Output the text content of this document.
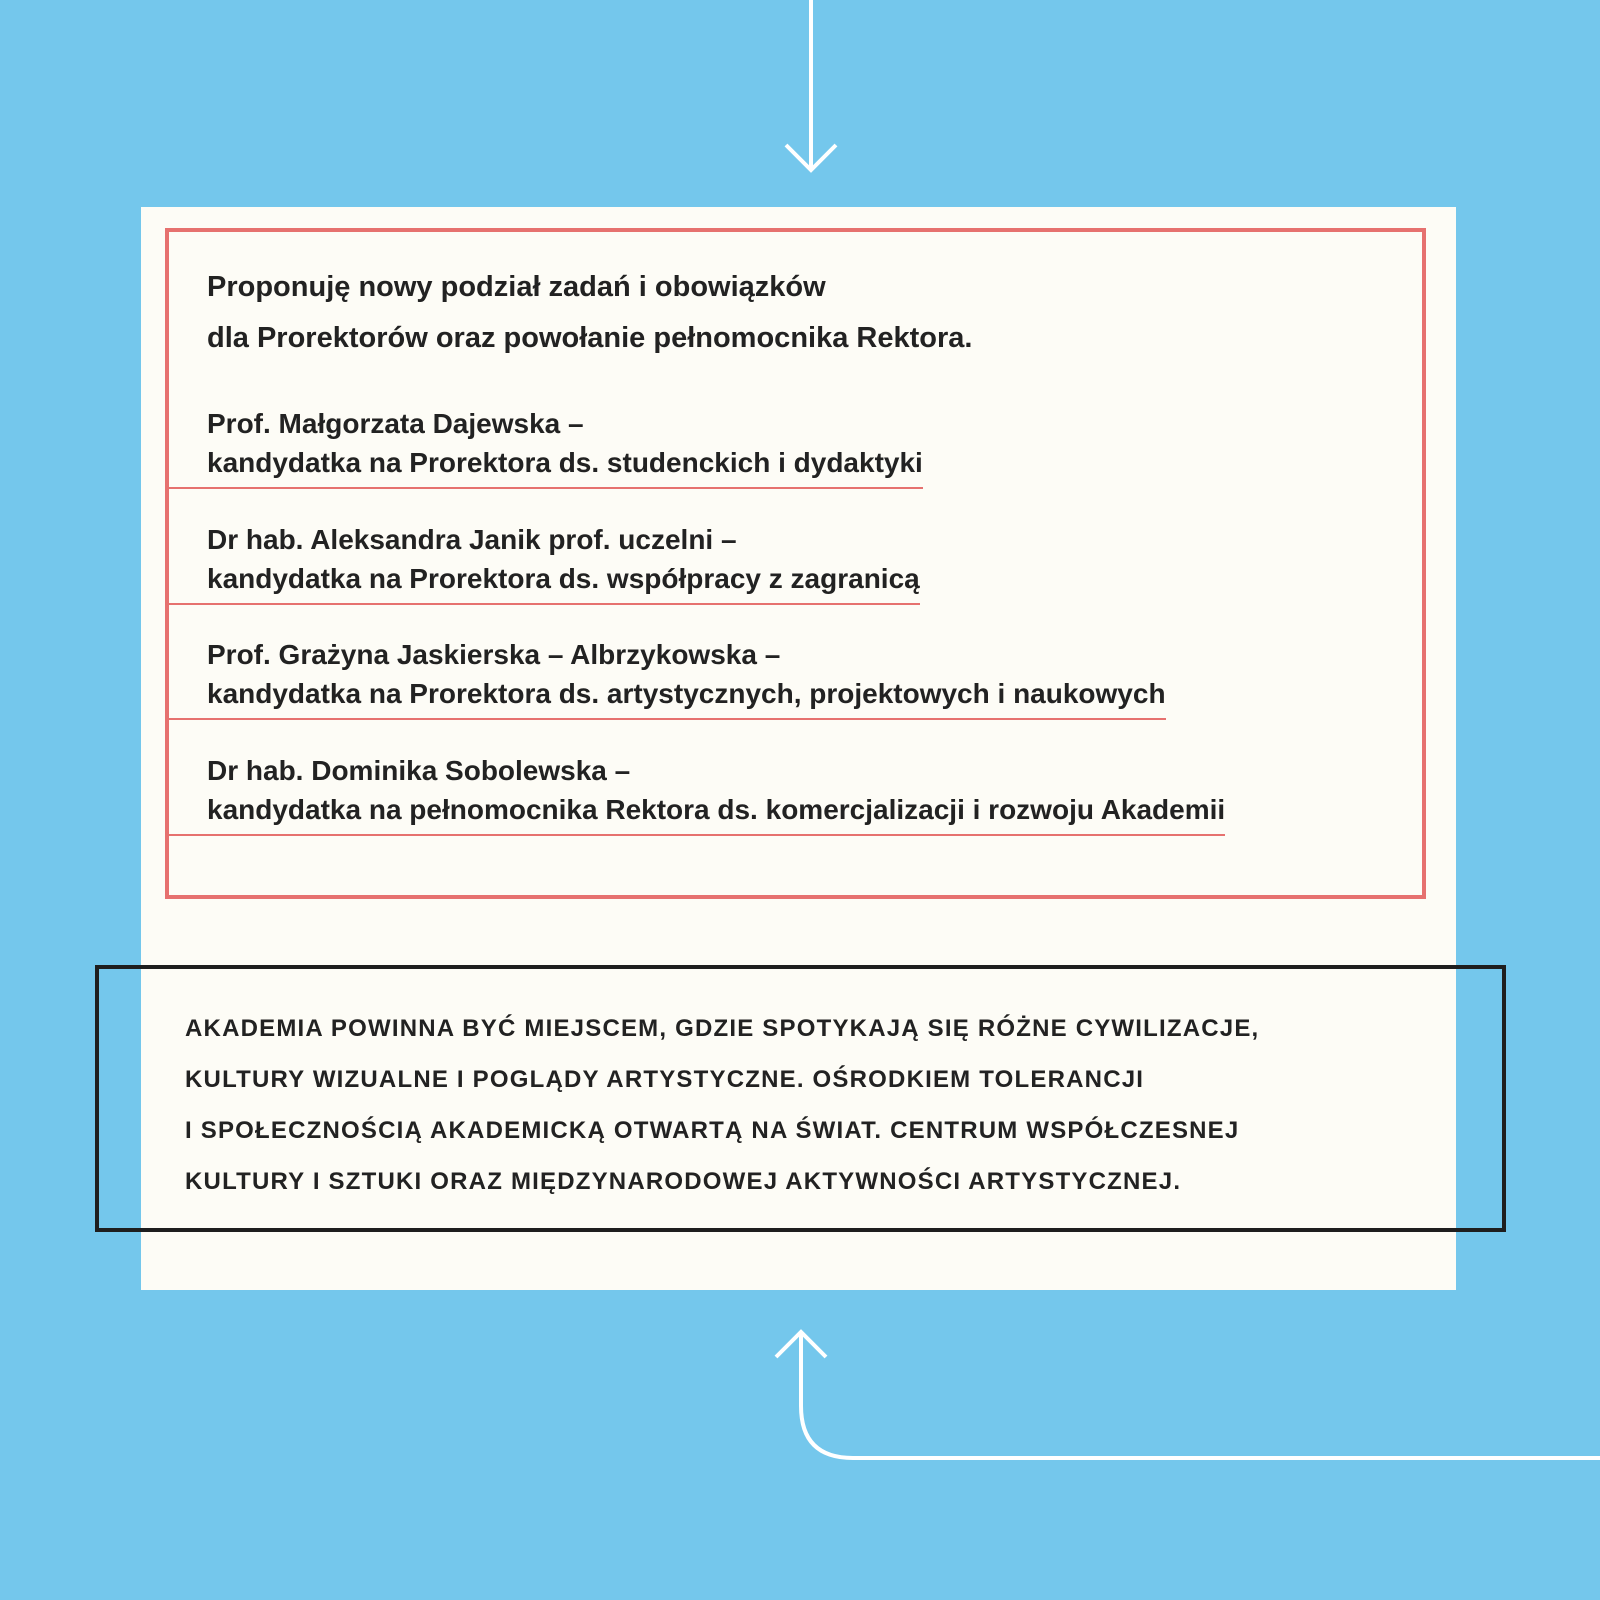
Proponuję nowy podział zadań i obowiązków
dla Prorektorów oraz powołanie pełnomocnika Rektora.
Prof. Małgorzata Dajewska –
kandydatka na Prorektora ds. studenckich i dydaktyki
Dr hab. Aleksandra Janik prof. uczelni –
kandydatka na Prorektora ds. współpracy z zagranicą
Prof. Grażyna Jaskierska – Albrzykowska –
kandydatka na Prorektora ds. artystycznych, projektowych i naukowych
Dr hab. Dominika Sobolewska –
kandydatka na pełnomocnika Rektora ds. komercjalizacji i rozwoju Akademii
AKADEMIA POWINNA BYĆ MIEJSCEM, GDZIE SPOTYKAJĄ SIĘ RÓŻNE CYWILIZACJE,
KULTURY WIZUALNE I POGLĄDY ARTYSTYCZNE. OŚRODKIEM TOLERANCJI
I SPOŁECZNOŚCIĄ AKADEMICKĄ OTWARTĄ NA ŚWIAT. CENTRUM WSPÓŁCZESNEJ
KULTURY I SZTUKI ORAZ MIĘDZYNARODOWEJ AKTYWNOŚCI ARTYSTYCZNEJ.
